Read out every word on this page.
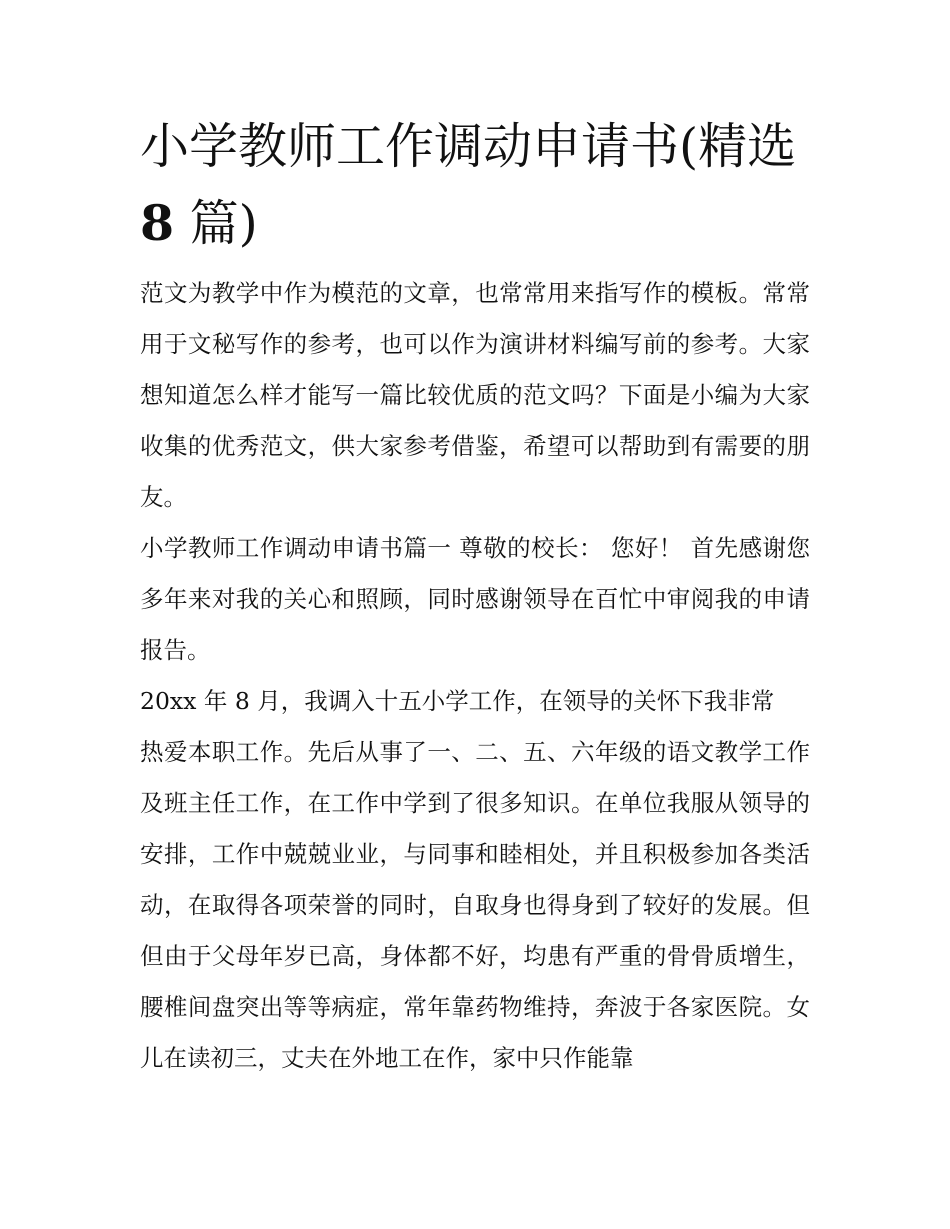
小学教师工作调动申请书(精选
8 篇)

范文为教学中作为模范的文章，也常常用来指写作的模板。常常用于文秘写作的参考，也可以作为演讲材料编写前的参考。大家想知道怎么样才能写一篇比较优质的范文吗？下面是小编为大家收集的优秀范文，供大家参考借鉴，希望可以帮助到有需要的朋友。

小学教师工作调动申请书篇一 尊敬的校长： 您好！ 首先感谢您多年来对我的关心和照顾，同时感谢领导在百忙中审阅我的申请报告。

20xx 年 8 月，我调入十五小学工作，在领导的关怀下我非常
热爱本职工作。先后从事了一、二、五、六年级的语文教学工作及班主任工作，在工作中学到了很多知识。在单位我服从领导的安排，工作中兢兢业业，与同事和睦相处，并且积极参加各类活动，在取得各项荣誉的同时，自取身也得身到了较好的发展。但但由于父母年岁已高，身体都不好，均患有严重的骨骨质增生，腰椎间盘突出等等病症，常年靠药物维持，奔波于各家医院。女儿在读初三，丈夫在外地工在作，家中只作能靠
